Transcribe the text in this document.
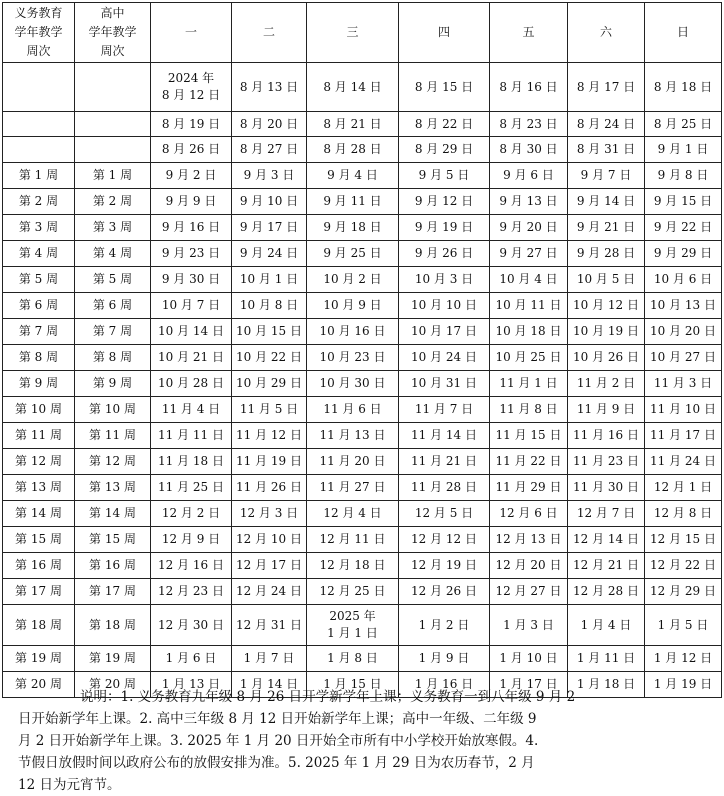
义务教育
学年教学
周次	高中
学年教学
周次	一	二	三	四	五	六	日
		2024 年
8 月 12 日	8 月 13 日	8 月 14 日	8 月 15 日	8 月 16 日	8 月 17 日	8 月 18 日
		8 月 19 日	8 月 20 日	8 月 21 日	8 月 22 日	8 月 23 日	8 月 24 日	8 月 25 日
		8 月 26 日	8 月 27 日	8 月 28 日	8 月 29 日	8 月 30 日	8 月 31 日	9 月 1 日
第 1 周	第 1 周	9 月 2 日	9 月 3 日	9 月 4 日	9 月 5 日	9 月 6 日	9 月 7 日	9 月 8 日
第 2 周	第 2 周	9 月 9 日	9 月 10 日	9 月 11 日	9 月 12 日	9 月 13 日	9 月 14 日	9 月 15 日
第 3 周	第 3 周	9 月 16 日	9 月 17 日	9 月 18 日	9 月 19 日	9 月 20 日	9 月 21 日	9 月 22 日
第 4 周	第 4 周	9 月 23 日	9 月 24 日	9 月 25 日	9 月 26 日	9 月 27 日	9 月 28 日	9 月 29 日
第 5 周	第 5 周	9 月 30 日	10 月 1 日	10 月 2 日	10 月 3 日	10 月 4 日	10 月 5 日	10 月 6 日
第 6 周	第 6 周	10 月 7 日	10 月 8 日	10 月 9 日	10 月 10 日	10 月 11 日	10 月 12 日	10 月 13 日
第 7 周	第 7 周	10 月 14 日	10 月 15 日	10 月 16 日	10 月 17 日	10 月 18 日	10 月 19 日	10 月 20 日
第 8 周	第 8 周	10 月 21 日	10 月 22 日	10 月 23 日	10 月 24 日	10 月 25 日	10 月 26 日	10 月 27 日
第 9 周	第 9 周	10 月 28 日	10 月 29 日	10 月 30 日	10 月 31 日	11 月 1 日	11 月 2 日	11 月 3 日
第 10 周	第 10 周	11 月 4 日	11 月 5 日	11 月 6 日	11 月 7 日	11 月 8 日	11 月 9 日	11 月 10 日
第 11 周	第 11 周	11 月 11 日	11 月 12 日	11 月 13 日	11 月 14 日	11 月 15 日	11 月 16 日	11 月 17 日
第 12 周	第 12 周	11 月 18 日	11 月 19 日	11 月 20 日	11 月 21 日	11 月 22 日	11 月 23 日	11 月 24 日
第 13 周	第 13 周	11 月 25 日	11 月 26 日	11 月 27 日	11 月 28 日	11 月 29 日	11 月 30 日	12 月 1 日
第 14 周	第 14 周	12 月 2 日	12 月 3 日	12 月 4 日	12 月 5 日	12 月 6 日	12 月 7 日	12 月 8 日
第 15 周	第 15 周	12 月 9 日	12 月 10 日	12 月 11 日	12 月 12 日	12 月 13 日	12 月 14 日	12 月 15 日
第 16 周	第 16 周	12 月 16 日	12 月 17 日	12 月 18 日	12 月 19 日	12 月 20 日	12 月 21 日	12 月 22 日
第 17 周	第 17 周	12 月 23 日	12 月 24 日	12 月 25 日	12 月 26 日	12 月 27 日	12 月 28 日	12 月 29 日
第 18 周	第 18 周	12 月 30 日	12 月 31 日	2025 年
1 月 1 日	1 月 2 日	1 月 3 日	1 月 4 日	1 月 5 日
第 19 周	第 19 周	1 月 6 日	1 月 7 日	1 月 8 日	1 月 9 日	1 月 10 日	1 月 11 日	1 月 12 日
第 20 周	第 20 周	1 月 13 日	1 月 14 日	1 月 15 日	1 月 16 日	1 月 17 日	1 月 18 日	1 月 19 日

说明：1. 义务教育九年级 8 月 26 日开学新学年上课；义务教育一到八年级 9 月 2

日开始新学年上课。2. 高中三年级 8 月 12 日开始新学年上课；高中一年级、二年级 9

月 2 日开始新学年上课。3. 2025 年 1 月 20 日开始全市所有中小学校开始放寒假。4.

节假日放假时间以政府公布的放假安排为准。5. 2025 年 1 月 29 日为农历春节，2 月

12 日为元宵节。
